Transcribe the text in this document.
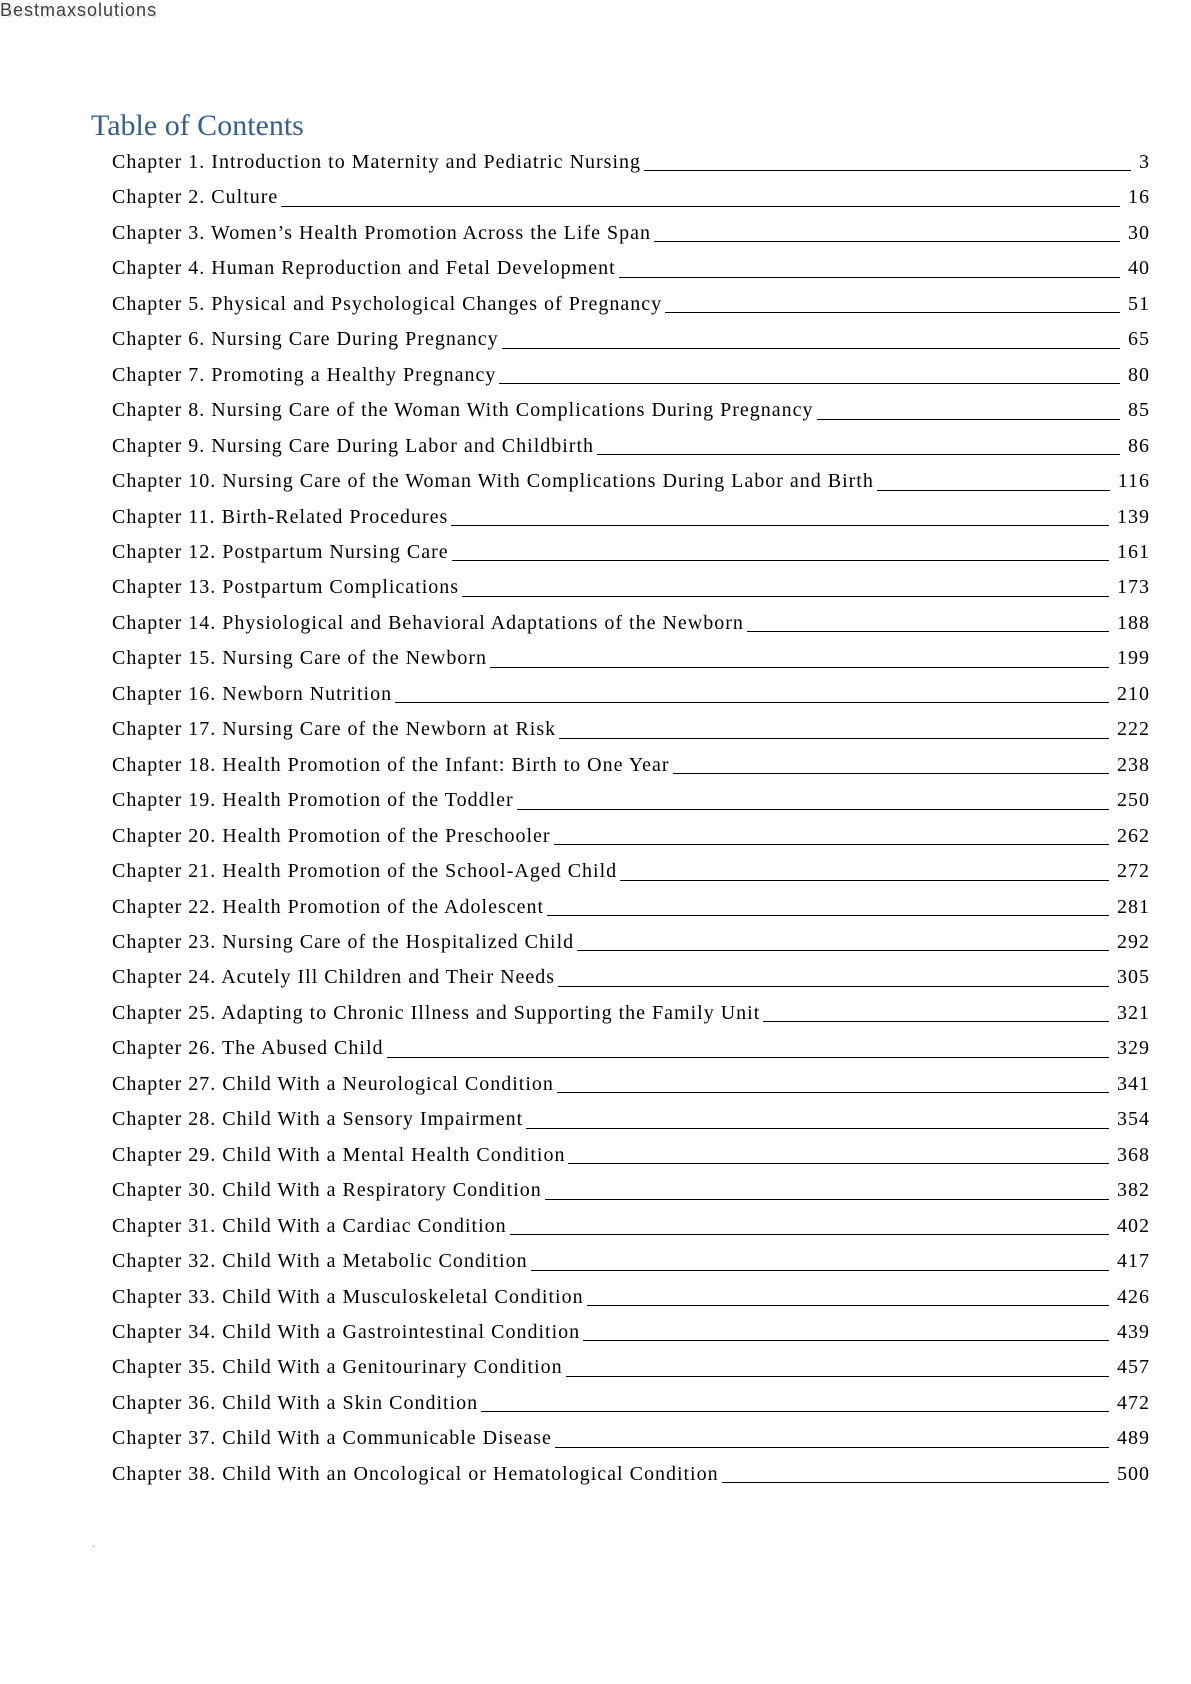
Bestmaxsolutions
Table of Contents
Chapter 1. Introduction to Maternity and Pediatric Nursing	3
Chapter 2. Culture	16
Chapter 3. Women’s Health Promotion Across the Life Span	30
Chapter 4. Human Reproduction and Fetal Development	40
Chapter 5. Physical and Psychological Changes of Pregnancy	51
Chapter 6. Nursing Care During Pregnancy	65
Chapter 7. Promoting a Healthy Pregnancy	80
Chapter 8. Nursing Care of the Woman With Complications During Pregnancy	85
Chapter 9. Nursing Care During Labor and Childbirth	86
Chapter 10. Nursing Care of the Woman With Complications During Labor and Birth	116
Chapter 11. Birth-Related Procedures	139
Chapter 12. Postpartum Nursing Care	161
Chapter 13. Postpartum Complications	173
Chapter 14. Physiological and Behavioral Adaptations of the Newborn	188
Chapter 15. Nursing Care of the Newborn	199
Chapter 16. Newborn Nutrition	210
Chapter 17. Nursing Care of the Newborn at Risk	222
Chapter 18. Health Promotion of the Infant: Birth to One Year	238
Chapter 19. Health Promotion of the Toddler	250
Chapter 20. Health Promotion of the Preschooler	262
Chapter 21. Health Promotion of the School-Aged Child	272
Chapter 22. Health Promotion of the Adolescent	281
Chapter 23. Nursing Care of the Hospitalized Child	292
Chapter 24. Acutely Ill Children and Their Needs	305
Chapter 25. Adapting to Chronic Illness and Supporting the Family Unit	321
Chapter 26. The Abused Child	329
Chapter 27. Child With a Neurological Condition	341
Chapter 28. Child With a Sensory Impairment	354
Chapter 29. Child With a Mental Health Condition	368
Chapter 30. Child With a Respiratory Condition	382
Chapter 31. Child With a Cardiac Condition	402
Chapter 32. Child With a Metabolic Condition	417
Chapter 33. Child With a Musculoskeletal Condition	426
Chapter 34. Child With a Gastrointestinal Condition	439
Chapter 35. Child With a Genitourinary Condition	457
Chapter 36. Child With a Skin Condition	472
Chapter 37. Child With a Communicable Disease	489
Chapter 38. Child With an Oncological or Hematological Condition	500
.
